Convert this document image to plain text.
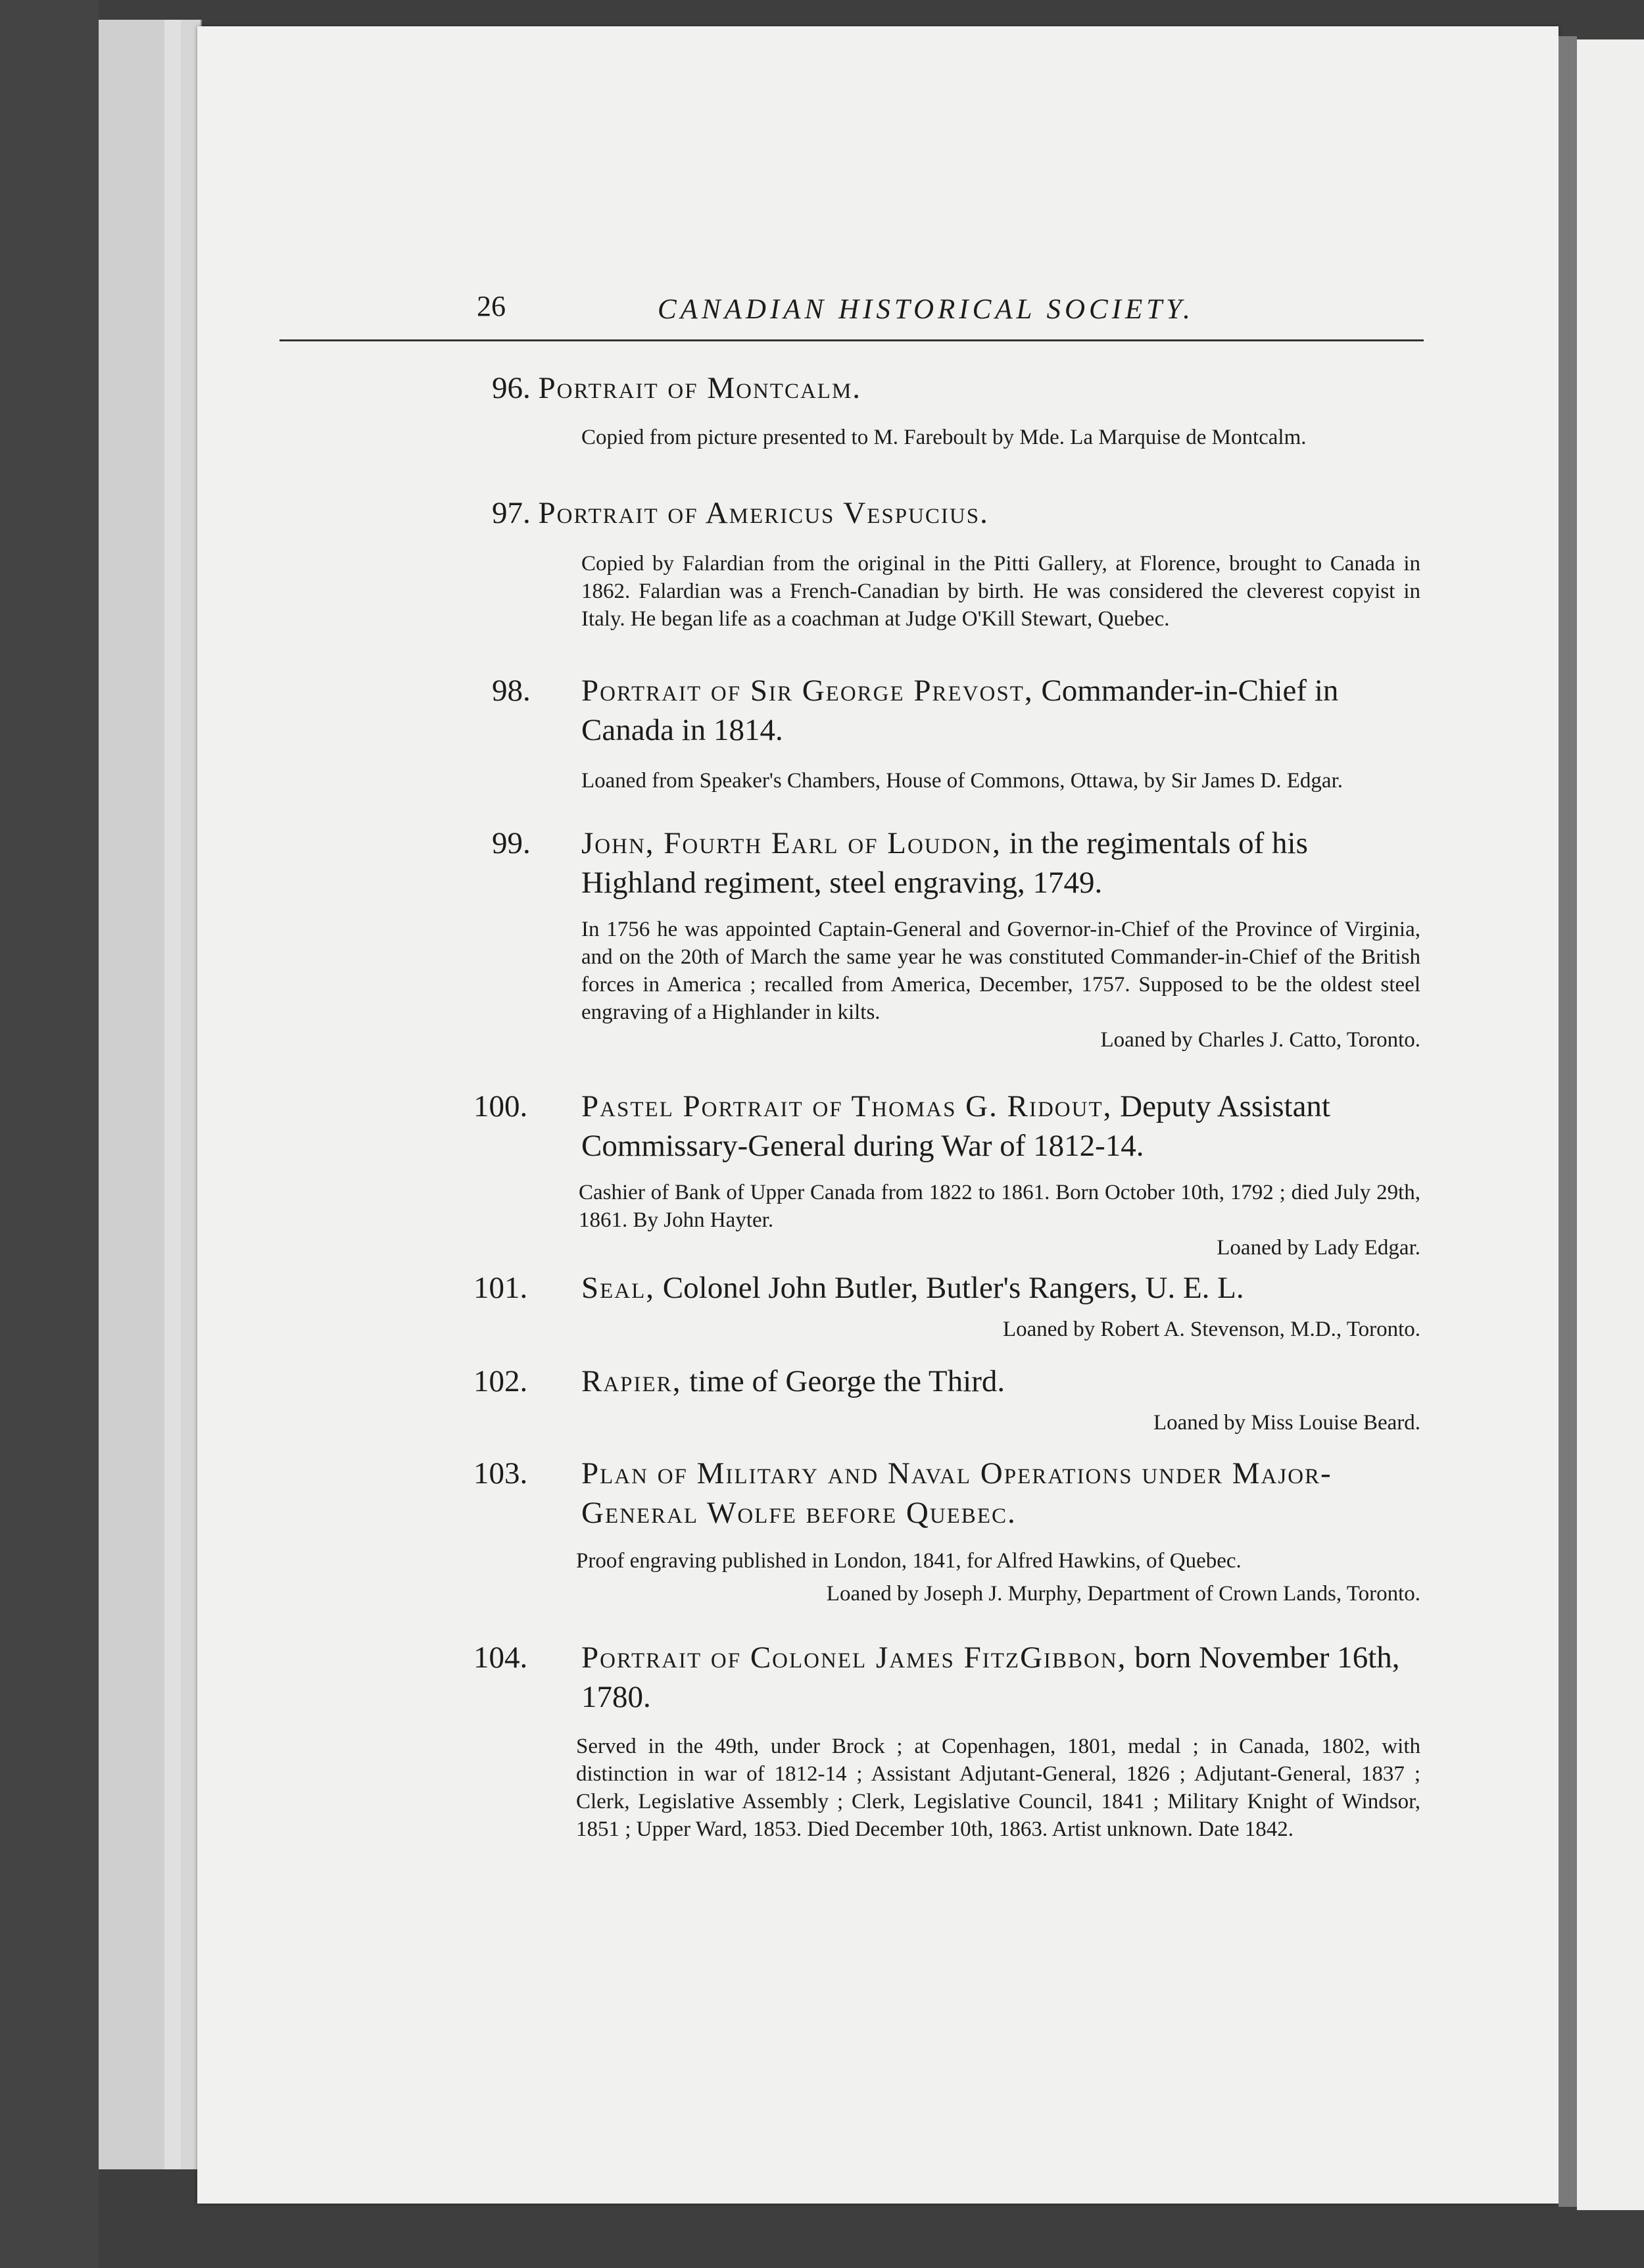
26	CANADIAN HISTORICAL SOCIETY.
96. Portrait of Montcalm.
Copied from picture presented to M. Fareboult by Mde. La Marquise de Montcalm.
97. Portrait of Americus Vespucius.
Copied by Falardian from the original in the Pitti Gallery, at Florence, brought to Canada in 1862. Falardian was a French-Canadian by birth. He was considered the cleverest copyist in Italy. He began life as a coachman at Judge O'Kill Stewart, Quebec.
98. Portrait of Sir George Prevost, Commander-in-Chief in Canada in 1814.
Loaned from Speaker's Chambers, House of Commons, Ottawa, by Sir James D. Edgar.
99. John, Fourth Earl of Loudon, in the regimentals of his Highland regiment, steel engraving, 1749.
In 1756 he was appointed Captain-General and Governor-in-Chief of the Province of Virginia, and on the 20th of March the same year he was constituted Commander-in-Chief of the British forces in America ; recalled from America, December, 1757. Supposed to be the oldest steel engraving of a Highlander in kilts.
Loaned by Charles J. Catto, Toronto.
100. Pastel Portrait of Thomas G. Ridout, Deputy Assistant Commissary-General during War of 1812-14.
Cashier of Bank of Upper Canada from 1822 to 1861. Born October 10th, 1792 ; died July 29th, 1861. By John Hayter.
Loaned by Lady Edgar.
101. Seal, Colonel John Butler, Butler's Rangers, U. E. L.
Loaned by Robert A. Stevenson, M.D., Toronto.
102. Rapier, time of George the Third.
Loaned by Miss Louise Beard.
103. Plan of Military and Naval Operations under Major-General Wolfe before Quebec.
Proof engraving published in London, 1841, for Alfred Hawkins, of Quebec.
Loaned by Joseph J. Murphy, Department of Crown Lands, Toronto.
104. Portrait of Colonel James FitzGibbon, born November 16th, 1780.
Served in the 49th, under Brock ; at Copenhagen, 1801, medal ; in Canada, 1802, with distinction in war of 1812-14 ; Assistant Adjutant-General, 1826 ; Adjutant-General, 1837 ; Clerk, Legislative Assembly ; Clerk, Legislative Council, 1841 ; Military Knight of Windsor, 1851 ; Upper Ward, 1853. Died December 10th, 1863. Artist unknown. Date 1842.
